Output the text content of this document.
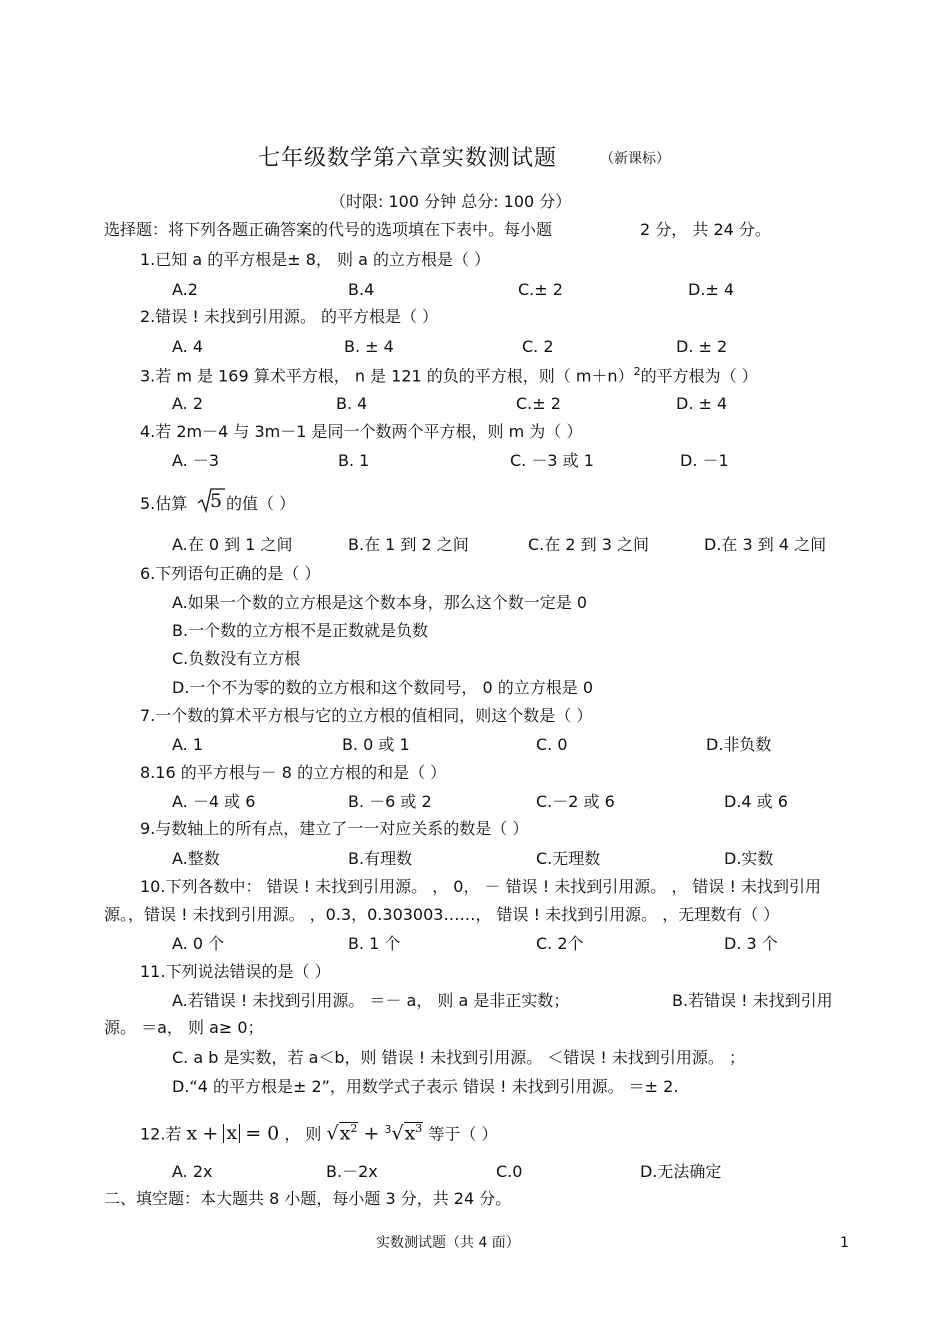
七年级数学第六章实数测试题	（新课标）
（时限: 100 分钟 总分: 100 分）
选择题：将下列各题正确答案的代号的选项填在下表中。每小题	2 分， 共 24 分。
1.已知 a 的平方根是± 8， 则 a 的立方根是（ ）
A.2	B.4	C.± 2	D.± 4
2.错误 ! 未找到引用源。 的平方根是（ ）
A. 4	B. ± 4	C. 2	D. ± 2
3.若 m 是 169 算术平方根， n 是 121 的负的平方根，则（ m＋n）$^2$的平方根为（ ）
A. 2	B. 4	C.± 2	D. ± 4
4.若 2m－4 与 3m－1 是同一个数两个平方根，则 m 为（ ）
A. －3	B. 1	C. －3 或 1	D. －1
5.估算 5 的值（ ）
A.在 0 到 1 之间	B.在 1 到 2 之间	C.在 2 到 3 之间	D.在 3 到 4 之间
6.下列语句正确的是（ ）
A.如果一个数的立方根是这个数本身，那么这个数一定是 0
B.一个数的立方根不是正数就是负数
C.负数没有立方根
D.一个不为零的数的立方根和这个数同号， 0 的立方根是 0
7.一个数的算术平方根与它的立方根的值相同，则这个数是（ ）
A. 1	B. 0 或 1	C. 0	D.非负数
8.16 的平方根与－ 8 的立方根的和是（ ）
A. －4 或 6	B. －6 或 2	C.－2 或 6	D.4 或 6
9.与数轴上的所有点，建立了一一对应关系的数是（ ）
A.整数	B.有理数	C.无理数	D.实数
10.下列各数中： 错误 ! 未找到引用源。 ， 0， － 错误 ! 未找到引用源。 ， 错误 ! 未找到引用
源。，错误 ! 未找到引用源。 ，0.3，0.303003……， 错误 ! 未找到引用源。 ，无理数有（ ）
A. 0 个	B. 1 个	C. 2个	D. 3 个
11.下列说法错误的是（ ）
A.若错误 ! 未找到引用源。 ＝－ a， 则 a 是非正实数；	B.若错误 ! 未找到引用
源。 ＝a， 则 a≥ 0；
C. a b 是实数，若 a＜b，则 错误 ! 未找到引用源。 ＜错误 ! 未找到引用源。 ；
D.“4 的平方根是± 2”，用数学式子表示 错误 ! 未找到引用源。 ＝± 2.
12.若 x + x = 0 ， 则 $√x^2 + ^3√x^3$ 等于（ ）
A. 2x	B.－2x	C.0	D.无法确定
二、填空题：本大题共 8 小题，每小题 3 分，共 24 分。
实数测试题（共 4 面）	1
